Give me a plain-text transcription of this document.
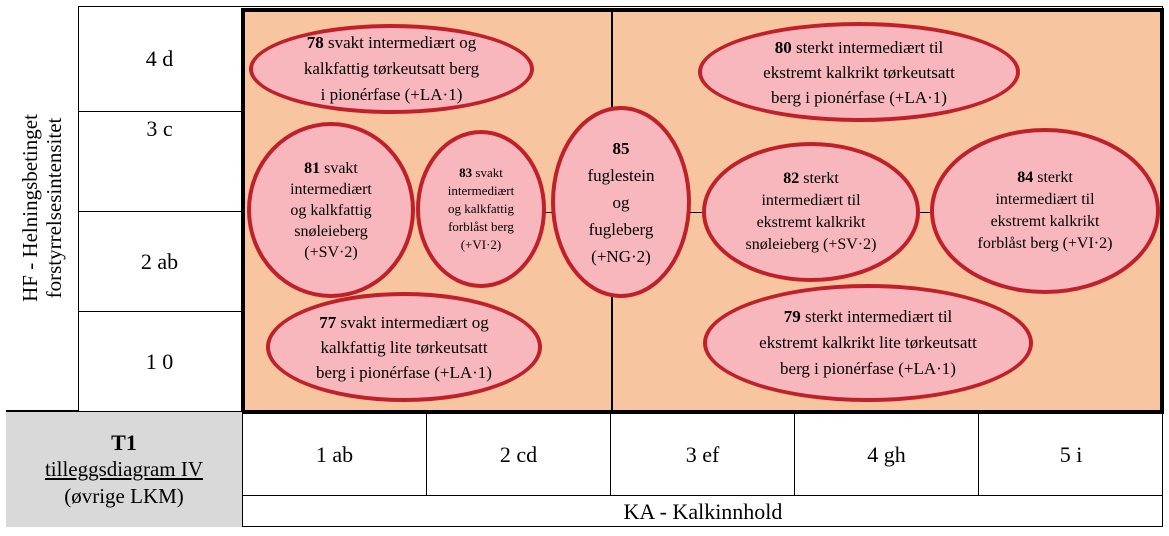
HF - Helningsbetinget forstyrrelsesintensitet
4 d
3 c
2 ab
1 0
78 svakt intermediært og
kalkfattig tørkeutsatt berg
i pionérfase (+LA·1)
80 sterkt intermediært til
ekstremt kalkrikt tørkeutsatt
berg i pionérfase (+LA·1)
81 svakt
intermediært
og kalkfattig
snøleieberg
(+SV·2)
83 svakt
intermediært
og kalkfattig
forblåst berg
(+VI·2)
85
fuglestein
og
fugleberg
(+NG·2)
82 sterkt
intermediært til
ekstremt kalkrikt
snøleieberg (+SV·2)
84 sterkt
intermediært til
ekstremt kalkrikt
forblåst berg (+VI·2)
77 svakt intermediært og
kalkfattig lite tørkeutsatt
berg i pionérfase (+LA·1)
79 sterkt intermediært til
ekstremt kalkrikt lite tørkeutsatt
berg i pionérfase (+LA·1)
T1
tilleggsdiagram IV
(øvrige LKM)
1 ab	2 cd	3 ef	4 gh	5 i
KA - Kalkinnhold
